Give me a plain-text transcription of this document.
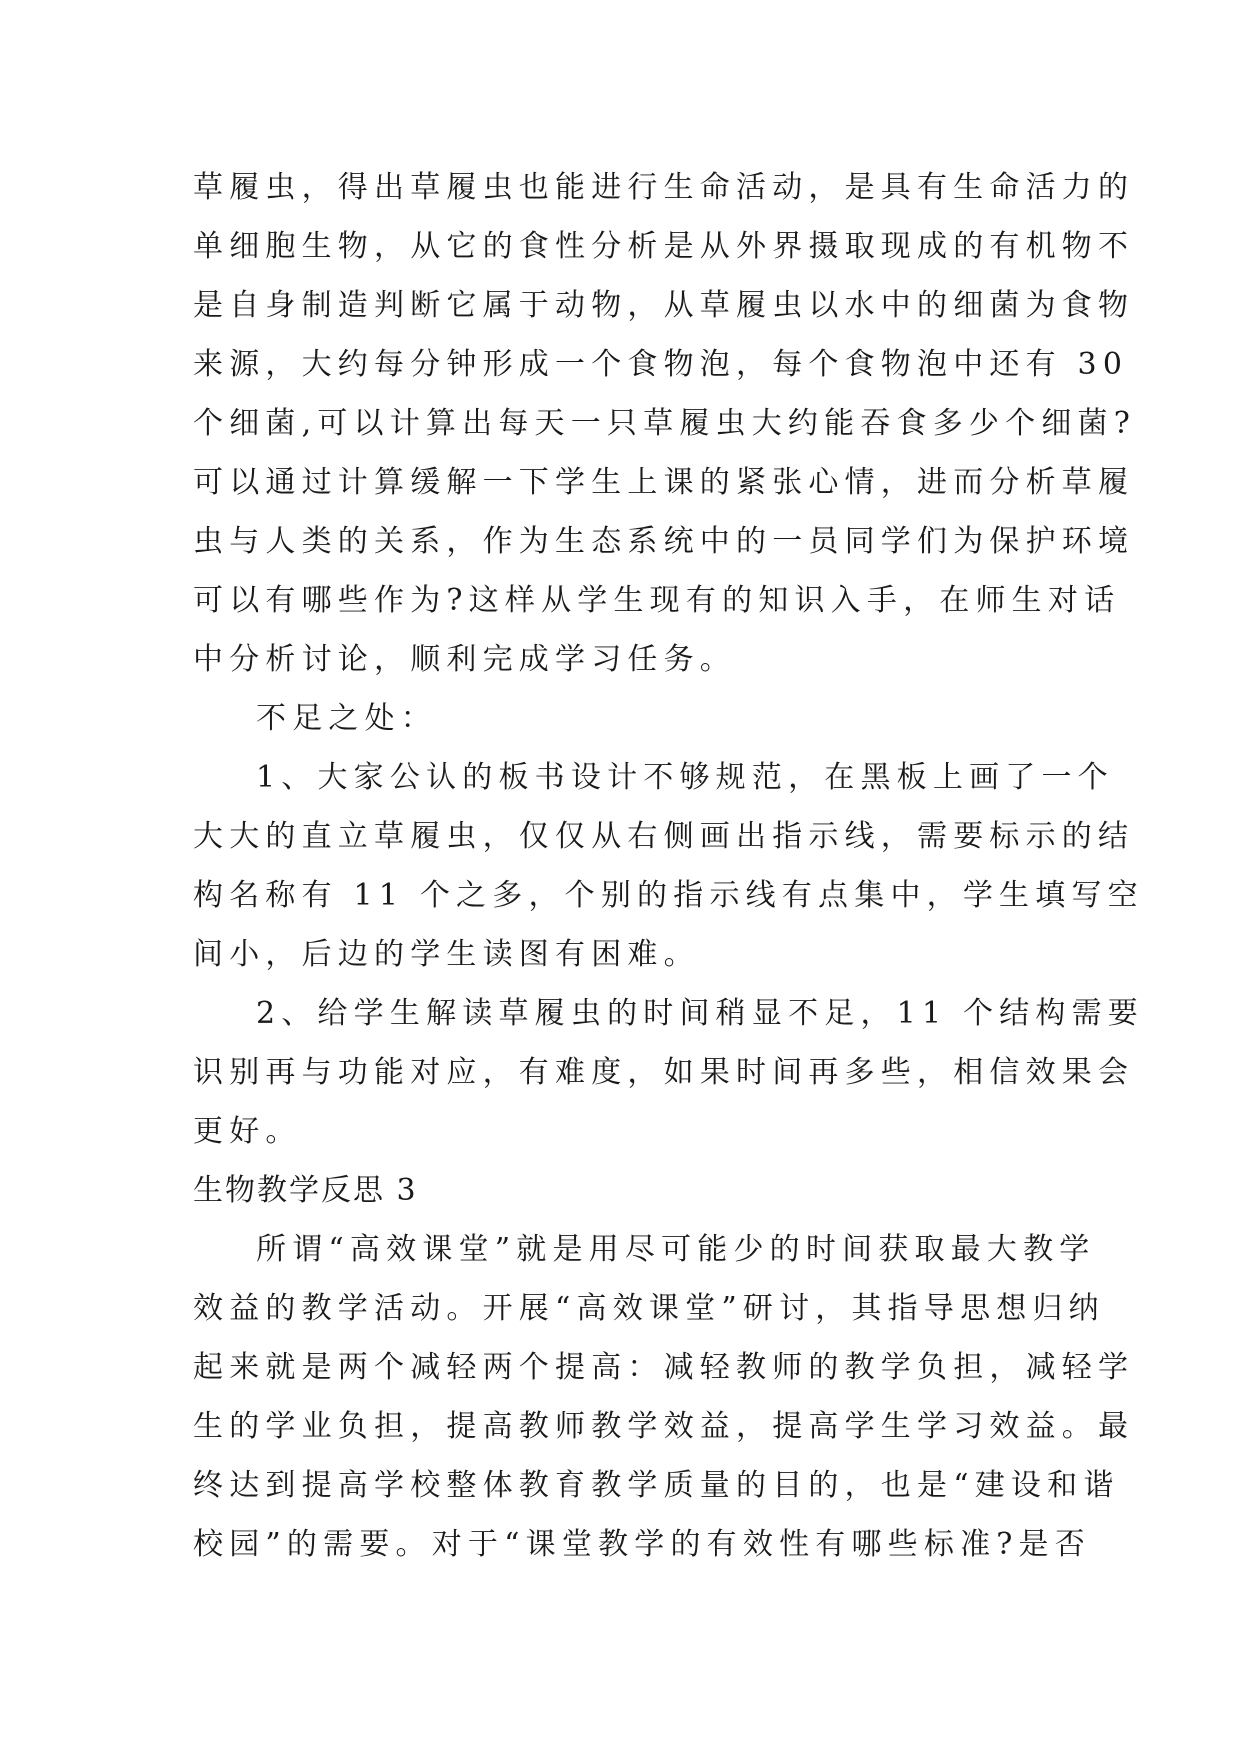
草履虫，得出草履虫也能进行生命活动，是具有生命活力的
单细胞生物，从它的食性分析是从外界摄取现成的有机物不
是自身制造判断它属于动物，从草履虫以水中的细菌为食物
来源，大约每分钟形成一个食物泡，每个食物泡中还有 30
个细菌,可以计算出每天一只草履虫大约能吞食多少个细菌?
可以通过计算缓解一下学生上课的紧张心情，进而分析草履
虫与人类的关系，作为生态系统中的一员同学们为保护环境
可以有哪些作为?这样从学生现有的知识入手，在师生对话
中分析讨论，顺利完成学习任务。
不足之处：
1、大家公认的板书设计不够规范，在黑板上画了一个
大大的直立草履虫，仅仅从右侧画出指示线，需要标示的结
构名称有 11 个之多，个别的指示线有点集中，学生填写空
间小，后边的学生读图有困难。
2、给学生解读草履虫的时间稍显不足，11 个结构需要
识别再与功能对应，有难度，如果时间再多些，相信效果会
更好。
生物教学反思 3
所谓“高效课堂”就是用尽可能少的时间获取最大教学
效益的教学活动。开展“高效课堂”研讨，其指导思想归纳
起来就是两个减轻两个提高：减轻教师的教学负担，减轻学
生的学业负担，提高教师教学效益，提高学生学习效益。最
终达到提高学校整体教育教学质量的目的，也是“建设和谐
校园”的需要。对于“课堂教学的有效性有哪些标准?是否
